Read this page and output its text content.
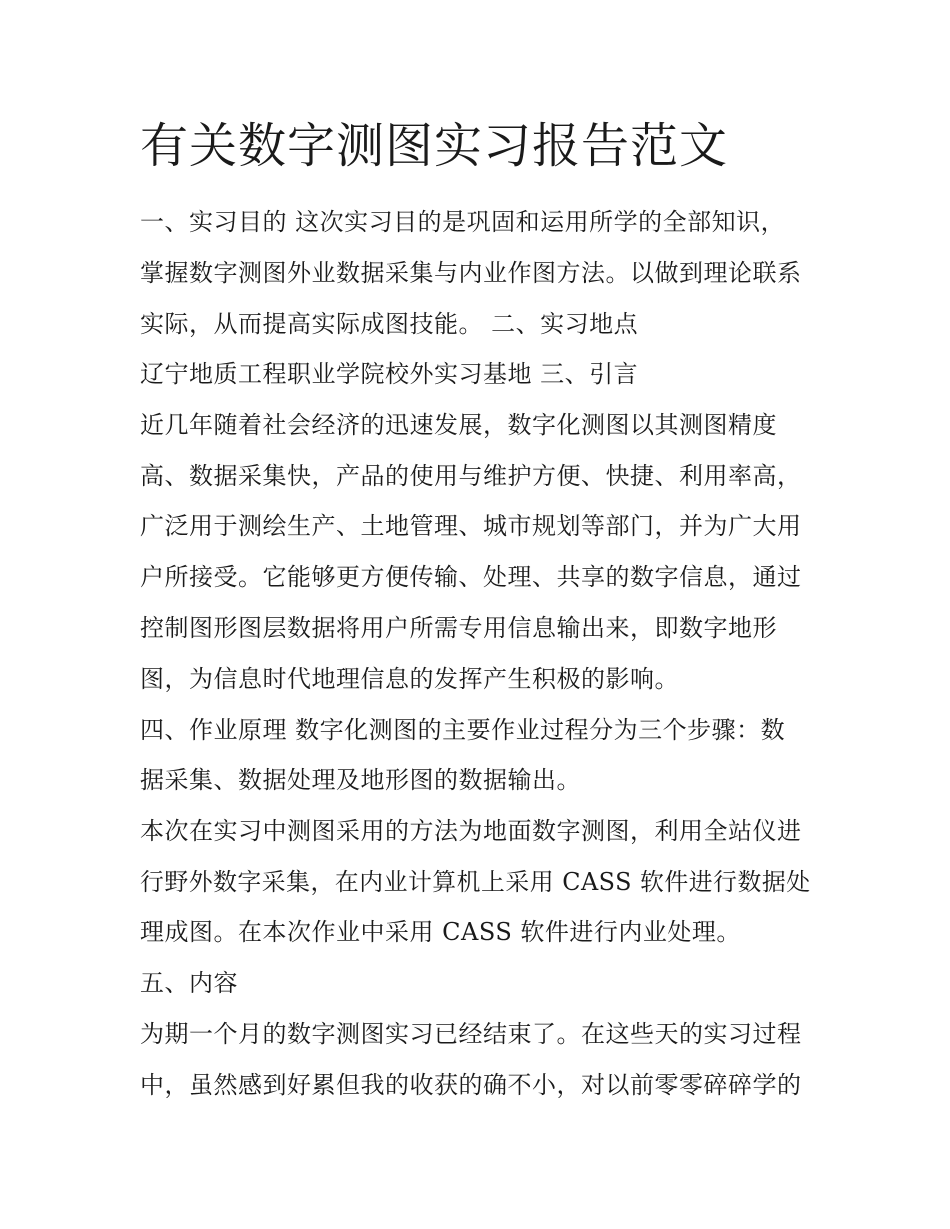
有关数字测图实习报告范文
一、实习目的 这次实习目的是巩固和运用所学的全部知识，
掌握数字测图外业数据采集与内业作图方法。以做到理论联系
实际，从而提高实际成图技能。 二、实习地点
辽宁地质工程职业学院校外实习基地 三、引言
近几年随着社会经济的迅速发展，数字化测图以其测图精度
高、数据采集快，产品的使用与维护方便、快捷、利用率高，
广泛用于测绘生产、土地管理、城市规划等部门，并为广大用
户所接受。它能够更方便传输、处理、共享的数字信息，通过
控制图形图层数据将用户所需专用信息输出来，即数字地形
图，为信息时代地理信息的发挥产生积极的影响。
四、作业原理 数字化测图的主要作业过程分为三个步骤：数
据采集、数据处理及地形图的数据输出。
本次在实习中测图采用的方法为地面数字测图，利用全站仪进
行野外数字采集，在内业计算机上采用 CASS 软件进行数据处
理成图。在本次作业中采用 CASS 软件进行内业处理。
五、内容
为期一个月的数字测图实习已经结束了。在这些天的实习过程
中，虽然感到好累但我的收获的确不小，对以前零零碎碎学的
